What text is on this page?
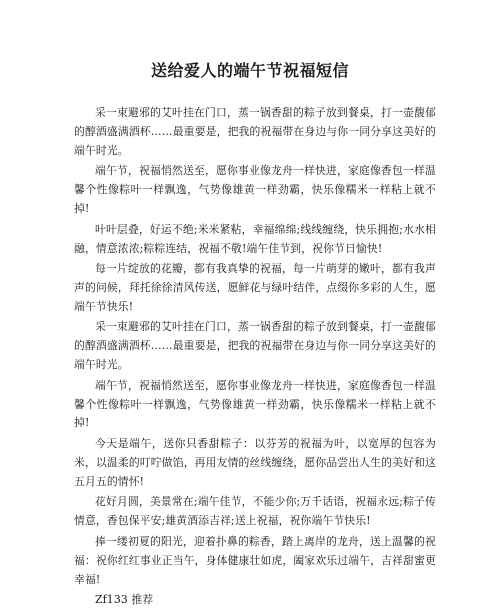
送给爱人的端午节祝福短信

采一束避邪的艾叶挂在门口，蒸一锅香甜的粽子放到餐桌，打一壶馥郁的醇酒盛满酒杯……最重要是，把我的祝福带在身边与你一同分享这美好的端午时光。

端午节，祝福悄然送至，愿你事业像龙舟一样快进，家庭像香包一样温馨个性像粽叶一样飘逸，气势像雄黄一样劲霸，快乐像糯米一样粘上就不掉!

叶叶层叠，好运不绝;米米紧粘，幸福绵绵;线线缠绕，快乐拥抱;水水相融，情意浓浓;粽粽连结，祝福不敬!端午佳节到，祝你节日愉快!

每一片绽放的花瓣，都有我真挚的祝福，每一片萌芽的嫩叶，都有我声声的问候，拜托徐徐清风传送，愿鲜花与绿叶结伴，点缀你多彩的人生，愿端午节快乐!

采一束避邪的艾叶挂在门口，蒸一锅香甜的粽子放到餐桌，打一壶馥郁的醇酒盛满酒杯……最重要是，把我的祝福带在身边与你一同分享这美好的端午时光。

端午节，祝福悄然送至，愿你事业像龙舟一样快进，家庭像香包一样温馨个性像粽叶一样飘逸，气势像雄黄一样劲霸，快乐像糯米一样粘上就不掉!

今天是端午，送你只香甜粽子：以芬芳的祝福为叶，以宽厚的包容为米，以温柔的叮咛做馅，再用友情的丝线缠绕，愿你品尝出人生的美好和这五月五的情怀!

花好月圆，美景常在;端午佳节，不能少你;万千话语，祝福永远;粽子传情意，香包保平安;雄黄酒添吉祥;送上祝福，祝你端午节快乐!

捧一缕初夏的阳光，迎着扑鼻的粽香，踏上离岸的龙舟，送上温馨的祝福：祝你红红事业正当午，身体健康壮如虎，阖家欢乐过端午，吉祥甜蜜更幸福!

Zf133 推荐
